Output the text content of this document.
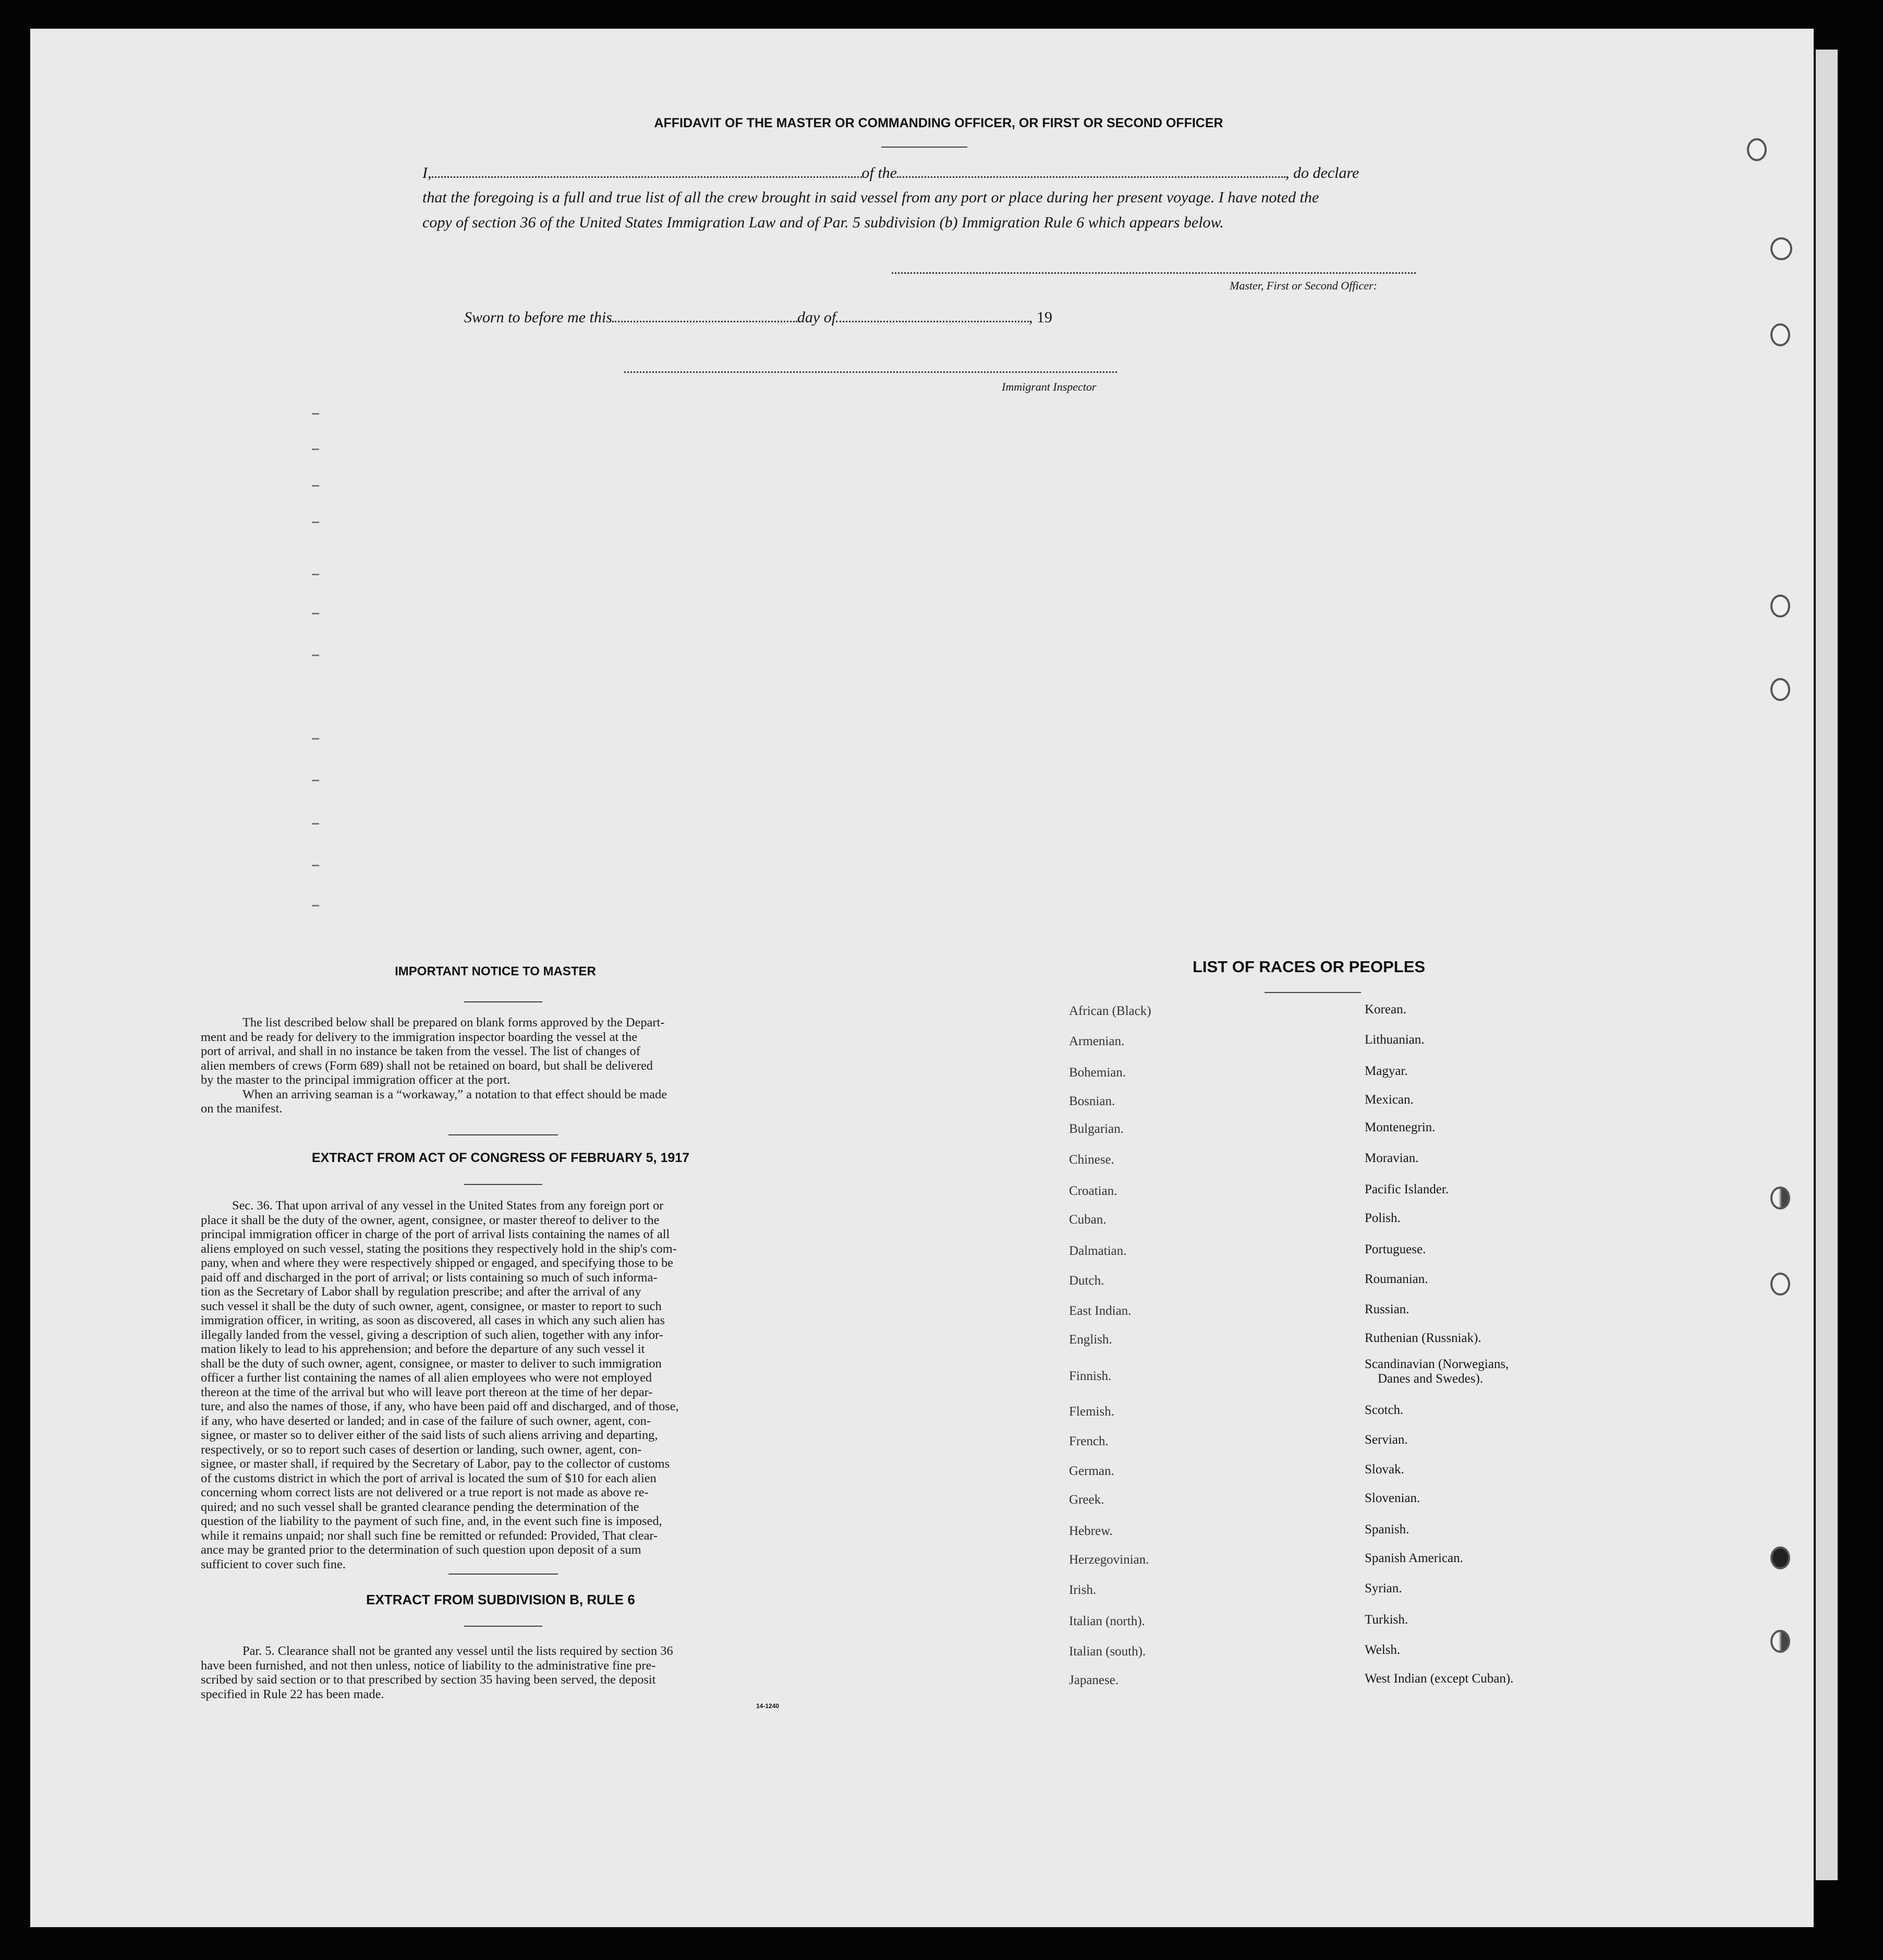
AFFIDAVIT OF THE MASTER OR COMMANDING OFFICER, OR FIRST OR SECOND OFFICER
I,	of the	, do declare
that the foregoing is a full and true list of all the crew brought in said vessel from any port or place during her present voyage. I have noted the
copy of section 36 of the United States Immigration Law and of Par. 5 subdivision (b) Immigration Rule 6 which appears below.
Master, First or Second Officer:
Sworn to before me this	day of	, 19
Immigrant Inspector
IMPORTANT NOTICE TO MASTER
The list described below shall be prepared on blank forms approved by the Depart-
ment and be ready for delivery to the immigration inspector boarding the vessel at the
port of arrival, and shall in no instance be taken from the vessel. The list of changes of
alien members of crews (Form 689) shall not be retained on board, but shall be delivered
by the master to the principal immigration officer at the port.
When an arriving seaman is a “workaway,” a notation to that effect should be made
on the manifest.
EXTRACT FROM ACT OF CONGRESS OF FEBRUARY 5, 1917
Sec. 36. That upon arrival of any vessel in the United States from any foreign port or
place it shall be the duty of the owner, agent, consignee, or master thereof to deliver to the
principal immigration officer in charge of the port of arrival lists containing the names of all
aliens employed on such vessel, stating the positions they respectively hold in the ship's com-
pany, when and where they were respectively shipped or engaged, and specifying those to be
paid off and discharged in the port of arrival; or lists containing so much of such informa-
tion as the Secretary of Labor shall by regulation prescribe; and after the arrival of any
such vessel it shall be the duty of such owner, agent, consignee, or master to report to such
immigration officer, in writing, as soon as discovered, all cases in which any such alien has
illegally landed from the vessel, giving a description of such alien, together with any infor-
mation likely to lead to his apprehension; and before the departure of any such vessel it
shall be the duty of such owner, agent, consignee, or master to deliver to such immigration
officer a further list containing the names of all alien employees who were not employed
thereon at the time of the arrival but who will leave port thereon at the time of her depar-
ture, and also the names of those, if any, who have been paid off and discharged, and of those,
if any, who have deserted or landed; and in case of the failure of such owner, agent, con-
signee, or master so to deliver either of the said lists of such aliens arriving and departing,
respectively, or so to report such cases of desertion or landing, such owner, agent, con-
signee, or master shall, if required by the Secretary of Labor, pay to the collector of customs
of the customs district in which the port of arrival is located the sum of $10 for each alien
concerning whom correct lists are not delivered or a true report is not made as above re-
quired; and no such vessel shall be granted clearance pending the determination of the
question of the liability to the payment of such fine, and, in the event such fine is imposed,
while it remains unpaid; nor shall such fine be remitted or refunded: Provided, That clear-
ance may be granted prior to the determination of such question upon deposit of a sum
sufficient to cover such fine.
EXTRACT FROM SUBDIVISION B, RULE 6
Par. 5. Clearance shall not be granted any vessel until the lists required by section 36
have been furnished, and not then unless, notice of liability to the administrative fine pre-
scribed by said section or to that prescribed by section 35 having been served, the deposit
specified in Rule 22 has been made.
14-1240
LIST OF RACES OR PEOPLES
African (Black)
Armenian.
Bohemian.
Bosnian.
Bulgarian.
Chinese.
Croatian.
Cuban.
Dalmatian.
Dutch.
East Indian.
English.
Finnish.
Flemish.
French.
German.
Greek.
Hebrew.
Herzegovinian.
Irish.
Italian (north).
Italian (south).
Japanese.
Korean.
Lithuanian.
Magyar.
Mexican.
Montenegrin.
Moravian.
Pacific Islander.
Polish.
Portuguese.
Roumanian.
Russian.
Ruthenian (Russniak).
Scandinavian (Norwegians,
Danes and Swedes).
Scotch.
Servian.
Slovak.
Slovenian.
Spanish.
Spanish American.
Syrian.
Turkish.
Welsh.
West Indian (except Cuban).
